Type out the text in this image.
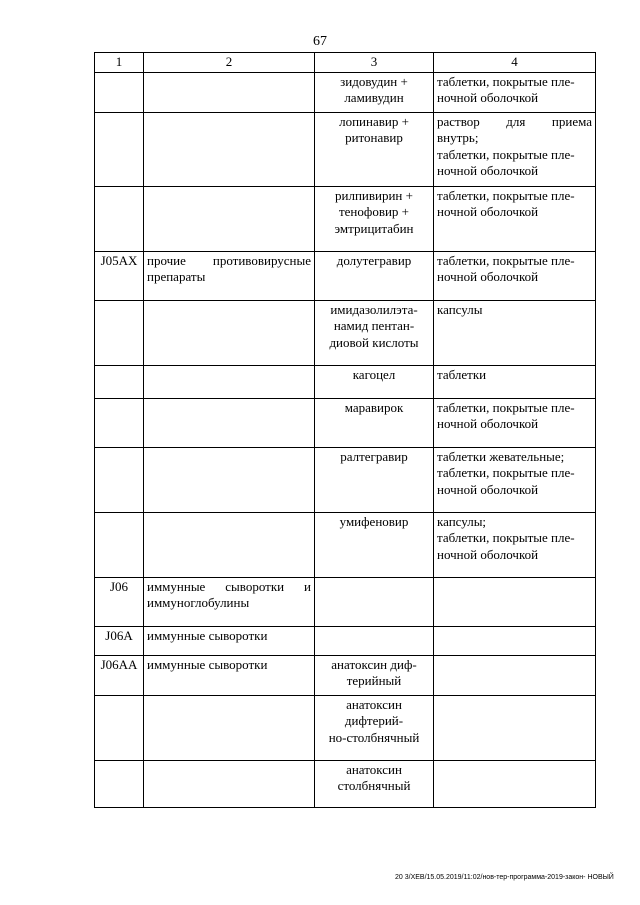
67
1	2	3	4

		зидовудин +
ламивудин	таблетки, покрытые пле-
ночной оболочкой

		лопинавир +
ритонавир	раствор для приема
внутрь;
таблетки, покрытые пле-
ночной оболочкой

		рилпивирин +
тенофовир +
эмтрицитабин	таблетки, покрытые пле-
ночной оболочкой

J05AX	прочие противовирусные препараты	долутегравир	таблетки, покрытые пле-
ночной оболочкой

		имидазолилэта-
намид пентан-
диовой кислоты	капсулы

		кагоцел	таблетки

		маравирок	таблетки, покрытые пле-
ночной оболочкой

		ралтегравир	таблетки жевательные;
таблетки, покрытые пле-
ночной оболочкой

		умифеновир	капсулы;
таблетки, покрытые пле-
ночной оболочкой

J06	иммунные сыворотки и иммуноглобулины		
J06A	иммунные сыворотки		
J06AA	иммунные сыворотки	анатоксин диф-
терийный	

		анатоксин
дифтерий-
но-столбнячный	

		анатоксин
столбнячный	

20 3/ХЕВ/15.05.2019/11:02/нов-тер-программа-2019-закон- НОВЫЙ
